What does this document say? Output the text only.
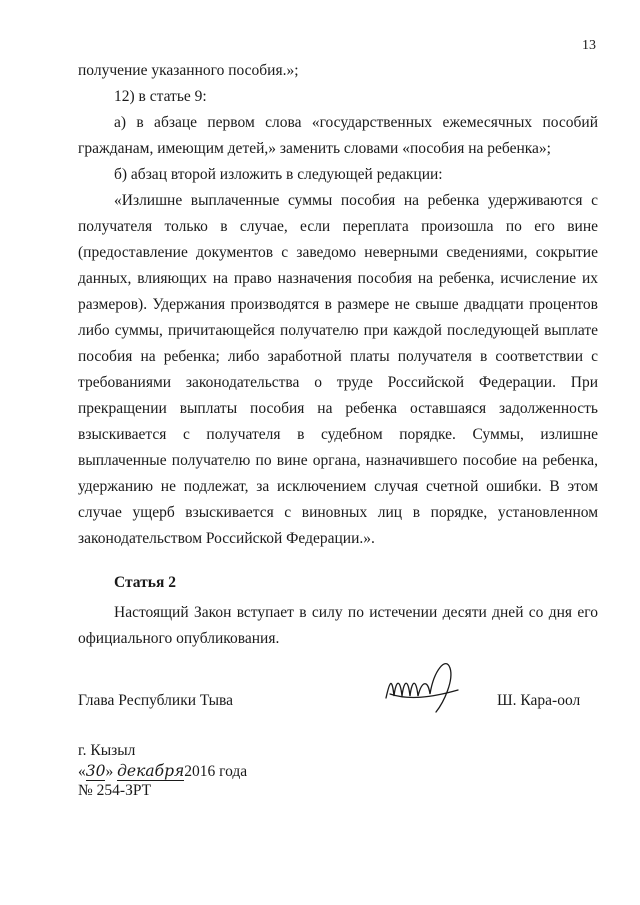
13

получение указанного пособия.»;

12) в статье 9:

а) в абзаце первом слова «государственных ежемесячных пособий гражданам, имеющим детей,» заменить словами «пособия на ребенка»;

б) абзац второй изложить в следующей редакции:

«Излишне выплаченные суммы пособия на ребенка удерживаются с получателя только в случае, если переплата произошла по его вине (предоставление документов с заведомо неверными сведениями, сокрытие данных, влияющих на право назначения пособия на ребенка, исчисление их размеров). Удержания производятся в размере не свыше двадцати процентов либо суммы, причитающейся получателю при каждой последующей выплате пособия на ребенка; либо заработной платы получателя в соответствии с требованиями законодательства о труде Российской Федерации. При прекращении выплаты пособия на ребенка оставшаяся задолженность взыскивается с получателя в судебном порядке. Суммы, излишне выплаченные получателю по вине органа, назначившего пособие на ребенка, удержанию не подлежат, за исключением случая счетной ошибки. В этом случае ущерб взыскивается с виновных лиц в порядке, установленном законодательством Российской Федерации.».

Статья 2
Настоящий Закон вступает в силу по истечении десяти дней со дня его официального опубликования.
Глава Республики Тыва	Ш. Кара-оол
г. Кызыл
«30» декабря2016 года
№ 254-ЗРТ
